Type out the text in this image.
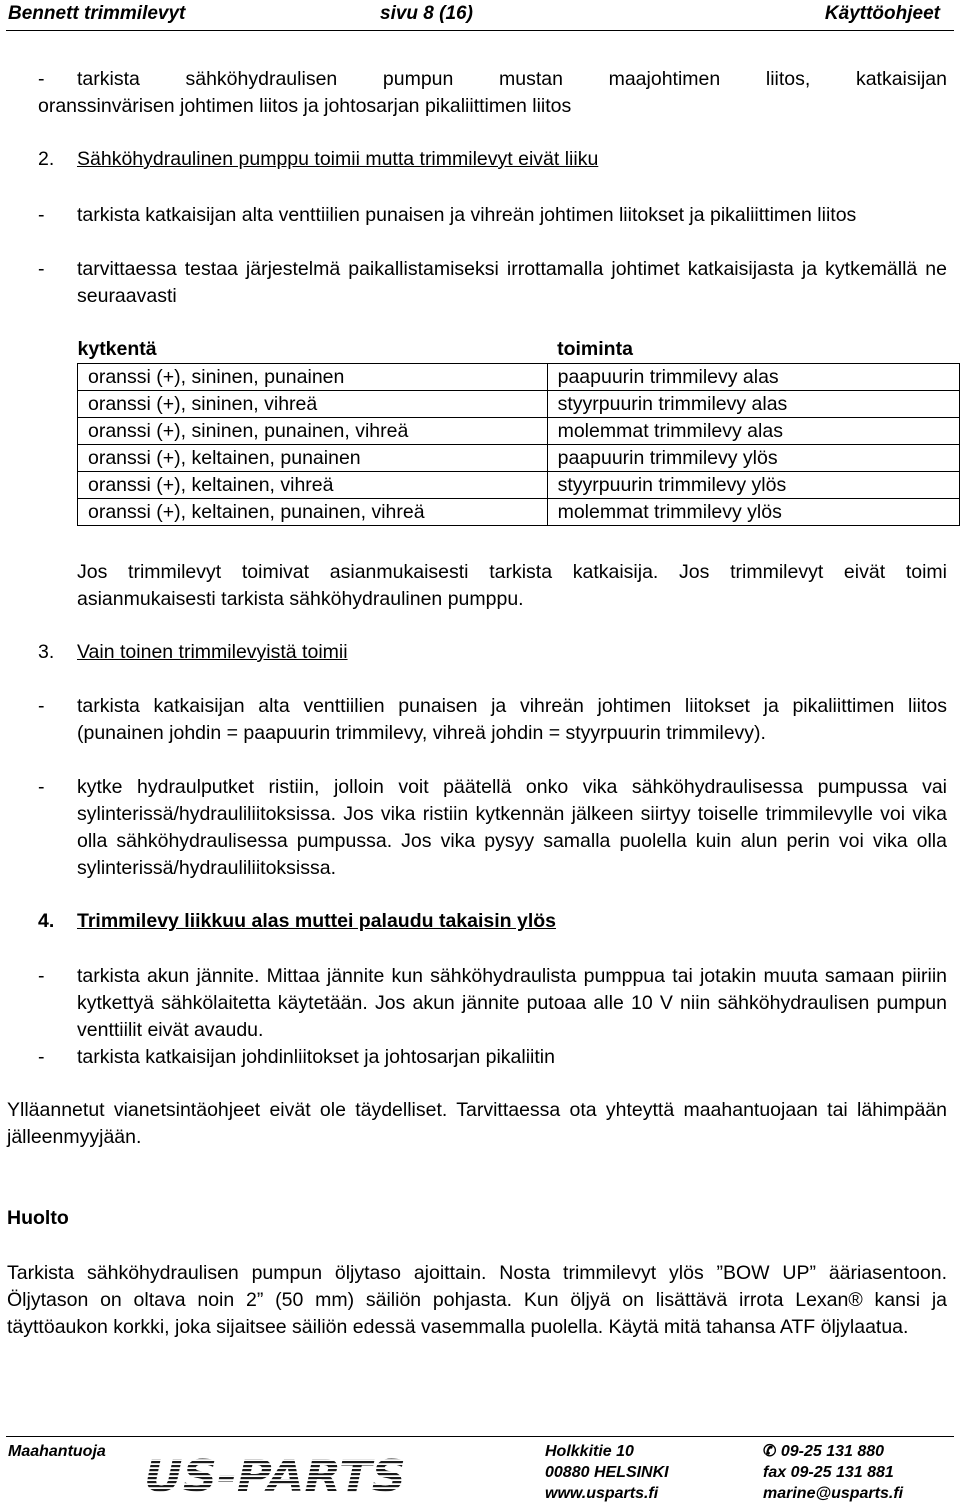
Bennett trimmilevyt	sivu 8 (16)	Käyttöohjeet
- tarkista   sähköhydraulisen   pumpun   mustan   maajohtimen   liitos,   katkaisijan
oranssinvärisen johtimen liitos ja johtosarjan pikaliittimen liitos
2. Sähköhydraulinen pumppu toimii mutta trimmilevyt eivät liiku
- tarkista katkaisijan alta venttiilien punaisen ja vihreän johtimen liitokset ja pikaliittimen liitos
- tarvittaessa testaa järjestelmä paikallistamiseksi irrottamalla johtimet katkaisijasta ja kytkemällä ne seuraavasti
kytkentä	toiminta
oranssi (+), sininen, punainen	paapuurin trimmilevy alas
oranssi (+), sininen, vihreä	styyrpuurin trimmilevy alas
oranssi (+), sininen, punainen, vihreä	molemmat trimmilevy alas
oranssi (+), keltainen, punainen	paapuurin trimmilevy ylös
oranssi (+), keltainen, vihreä	styyrpuurin trimmilevy ylös
oranssi (+), keltainen, punainen, vihreä	molemmat trimmilevy ylös
Jos trimmilevyt toimivat asianmukaisesti tarkista katkaisija. Jos trimmilevyt eivät toimi asianmukaisesti tarkista sähköhydraulinen pumppu.
3. Vain toinen trimmilevyistä toimii
- tarkista katkaisijan alta venttiilien punaisen ja vihreän johtimen liitokset ja pikaliittimen liitos (punainen johdin = paapuurin trimmilevy, vihreä johdin = styyrpuurin trimmilevy).
- kytke hydraulputket ristiin, jolloin voit päätellä onko vika sähköhydraulisessa pumpussa vai sylinterissä/hydrauliliitoksissa. Jos vika ristiin kytkennän jälkeen siirtyy toiselle trimmilevylle voi vika olla sähköhydraulisessa pumpussa. Jos vika pysyy samalla puolella kuin alun perin voi vika olla sylinterissä/hydrauliliitoksissa.
4. Trimmilevy liikkuu alas muttei palaudu takaisin ylös
- tarkista akun jännite. Mittaa jännite kun sähköhydraulista pumppua tai jotakin muuta samaan piiriin kytkettyä sähkölaitetta käytetään. Jos akun jännite putoaa alle 10 V niin sähköhydraulisen pumpun venttiilit eivät avaudu.
- tarkista katkaisijan johdinliitokset ja johtosarjan pikaliitin
Ylläannetut vianetsintäohjeet eivät ole täydelliset. Tarvittaessa ota yhteyttä maahantuojaan tai lähimpään jälleenmyyjään.
Huolto
Tarkista sähköhydraulisen pumpun öljytaso ajoittain. Nosta trimmilevyt ylös ”BOW UP” ääriasentoon. Öljytason on oltava noin 2” (50 mm) säiliön pohjasta. Kun öljyä on lisättävä irrota Lexan® kansi ja täyttöaukon korkki, joka sijaitsee säiliön edessä vasemmalla puolella. Käytä mitä tahansa ATF öljylaatua.
Maahantuoja US-PARTS	Holkkitie 10
00880 HELSINKI
www.usparts.fi
✆ 09-25 131 880
fax 09-25 131 881
marine@usparts.fi
